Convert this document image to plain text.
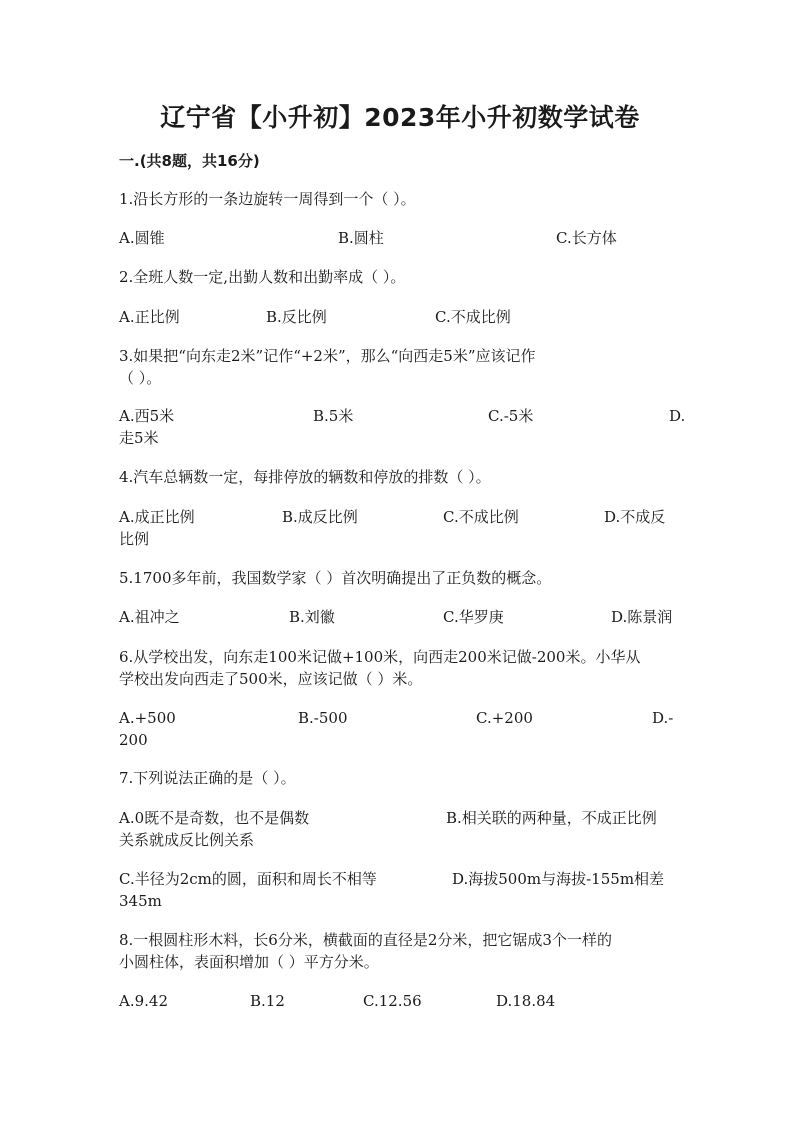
辽宁省【小升初】2023年小升初数学试卷
一.(共8题，共16分)
1.沿长方形的一条边旋转一周得到一个（ ）。
A.圆锥	B.圆柱	C.长方体
2.全班人数一定,出勤人数和出勤率成（ ）。
A.正比例	B.反比例	C.不成比例
3.如果把“向东走2米”记作“+2米”，那么“向西走5米”应该记作
（ ）。
A.西5米	B.5米	C.-5米	D.
走5米
4.汽车总辆数一定，每排停放的辆数和停放的排数（ ）。
A.成正比例	B.成反比例	C.不成比例	D.不成反
比例
5.1700多年前，我国数学家（ ）首次明确提出了正负数的概念。
A.祖冲之	B.刘徽	C.华罗庚	D.陈景润
6.从学校出发，向东走100米记做+100米，向西走200米记做-200米。小华从
学校出发向西走了500米，应该记做（ ）米。
A.+500	B.-500	C.+200	D.-
200
7.下列说法正确的是（ ）。
A.0既不是奇数，也不是偶数	B.相关联的两种量，不成正比例
关系就成反比例关系
C.半径为2cm的圆，面积和周长不相等	D.海拔500m与海拔-155m相差
345m
8.一根圆柱形木料，长6分米，横截面的直径是2分米，把它锯成3个一样的
小圆柱体，表面积增加（ ）平方分米。
A.9.42	B.12	C.12.56	D.18.84
